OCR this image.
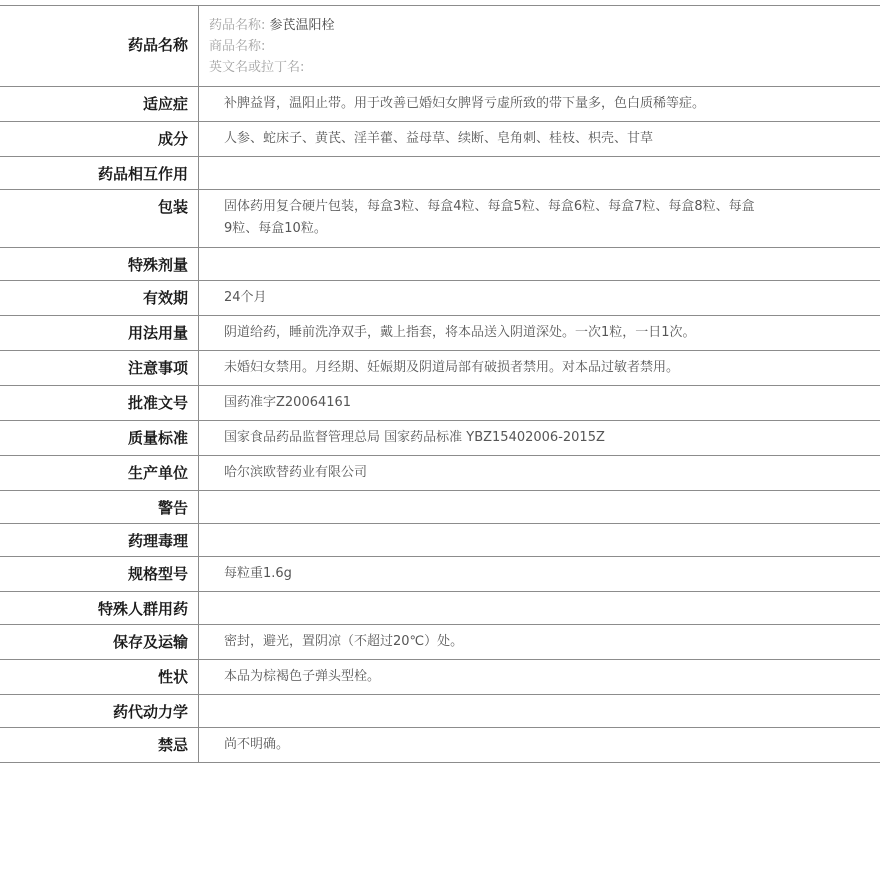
药品名称
药品名称: 参芪温阳栓
商品名称:
英文名或拉丁名:
适应症	补脾益肾，温阳止带。用于改善已婚妇女脾肾亏虚所致的带下量多，色白质稀等症。
成分	人参、蛇床子、黄芪、淫羊藿、益母草、续断、皂角刺、桂枝、枳壳、甘草
药品相互作用
包装	固体药用复合硬片包装，每盒3粒、每盒4粒、每盒5粒、每盒6粒、每盒7粒、每盒8粒、每盒9粒、每盒10粒。
特殊剂量
有效期	24个月
用法用量	阴道给药，睡前洗净双手，戴上指套，将本品送入阴道深处。一次1粒，一日1次。
注意事项	未婚妇女禁用。月经期、妊娠期及阴道局部有破损者禁用。对本品过敏者禁用。
批准文号	国药准字Z20064161
质量标准	国家食品药品监督管理总局 国家药品标准 YBZ15402006-2015Z
生产单位	哈尔滨欧替药业有限公司
警告
药理毒理
规格型号	每粒重1.6g
特殊人群用药
保存及运输	密封，避光，置阴凉（不超过20℃）处。
性状	本品为棕褐色子弹头型栓。
药代动力学
禁忌	尚不明确。
